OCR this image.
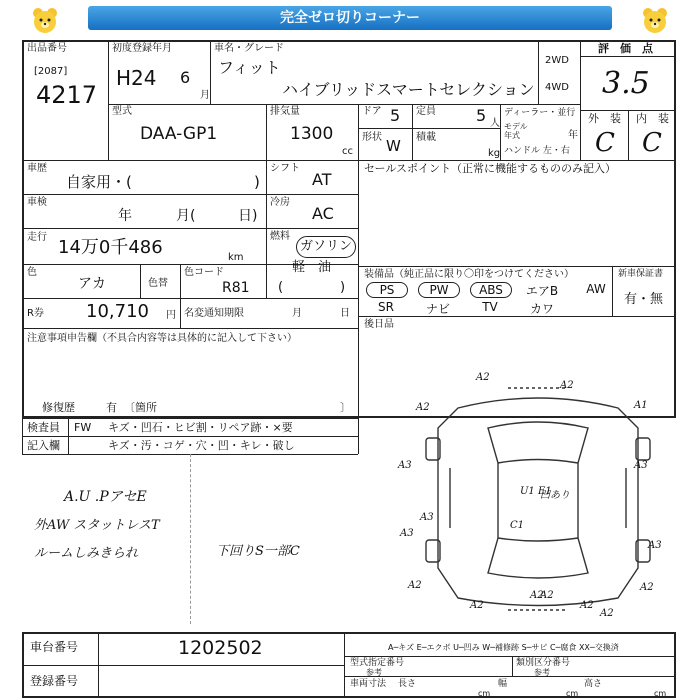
完全ゼロ切りコーナー
出品番号
[2087]
4217
初度登録年月
H24 6
月
車名・グレード
フィット
ハイブリッドスマートセレクション
2WD
4WD
評　価　点
3.5
外　装 内　装
C C
型式
DAA-GP1
排気量
1300
cc
ドア 5 定員	5 人
形状 W 積載
kg
ディーラー・並行
モデル年式	年
ハンドル 左・右
車歴
自家用・(	)
車検
年	月(	日)
走行 14万0千486	km
色
アカ	色替
色コード
R81
R券 10,710 円 名変通知期限	月	日
シフト
AT
冷房
AC
燃料
ガソリン
軽　油
(	)
セールスポイント（正常に機能するもののみ記入）
装備品（純正品に限り〇印をつけてください）	新車保証書
有・無
PS	PW	ABS	エアB	AW
SR	ナビ	TV	カワ
後日品
注意事項申告欄（不具合内容等は具体的に記入して下さい）
修復歴	有 〔箇所	〕
検査員 FW キズ・凹石・ヒビ割・リペア跡・×要
記入欄	キズ・汚・コゲ・穴・凹・キレ・破し
A.U .PアセE
外AW スタットレスT
ルームしみきられ	下回りS一部C
A2
A2	A1
A3	A3
A3
A3
A2	A2
A2
A2
A2
A3
U1 E1
凹あり
C1
A2
A2
A2
車台番号	1202502
登録番号
A─キズ E─エクボ U─凹み W─補修跡 S─サビ C─腐食 XX─交換済
型式指定番号
参考
類別区分番号
参考
車両寸法 長さ
cm
幅
cm
高さ
cm
